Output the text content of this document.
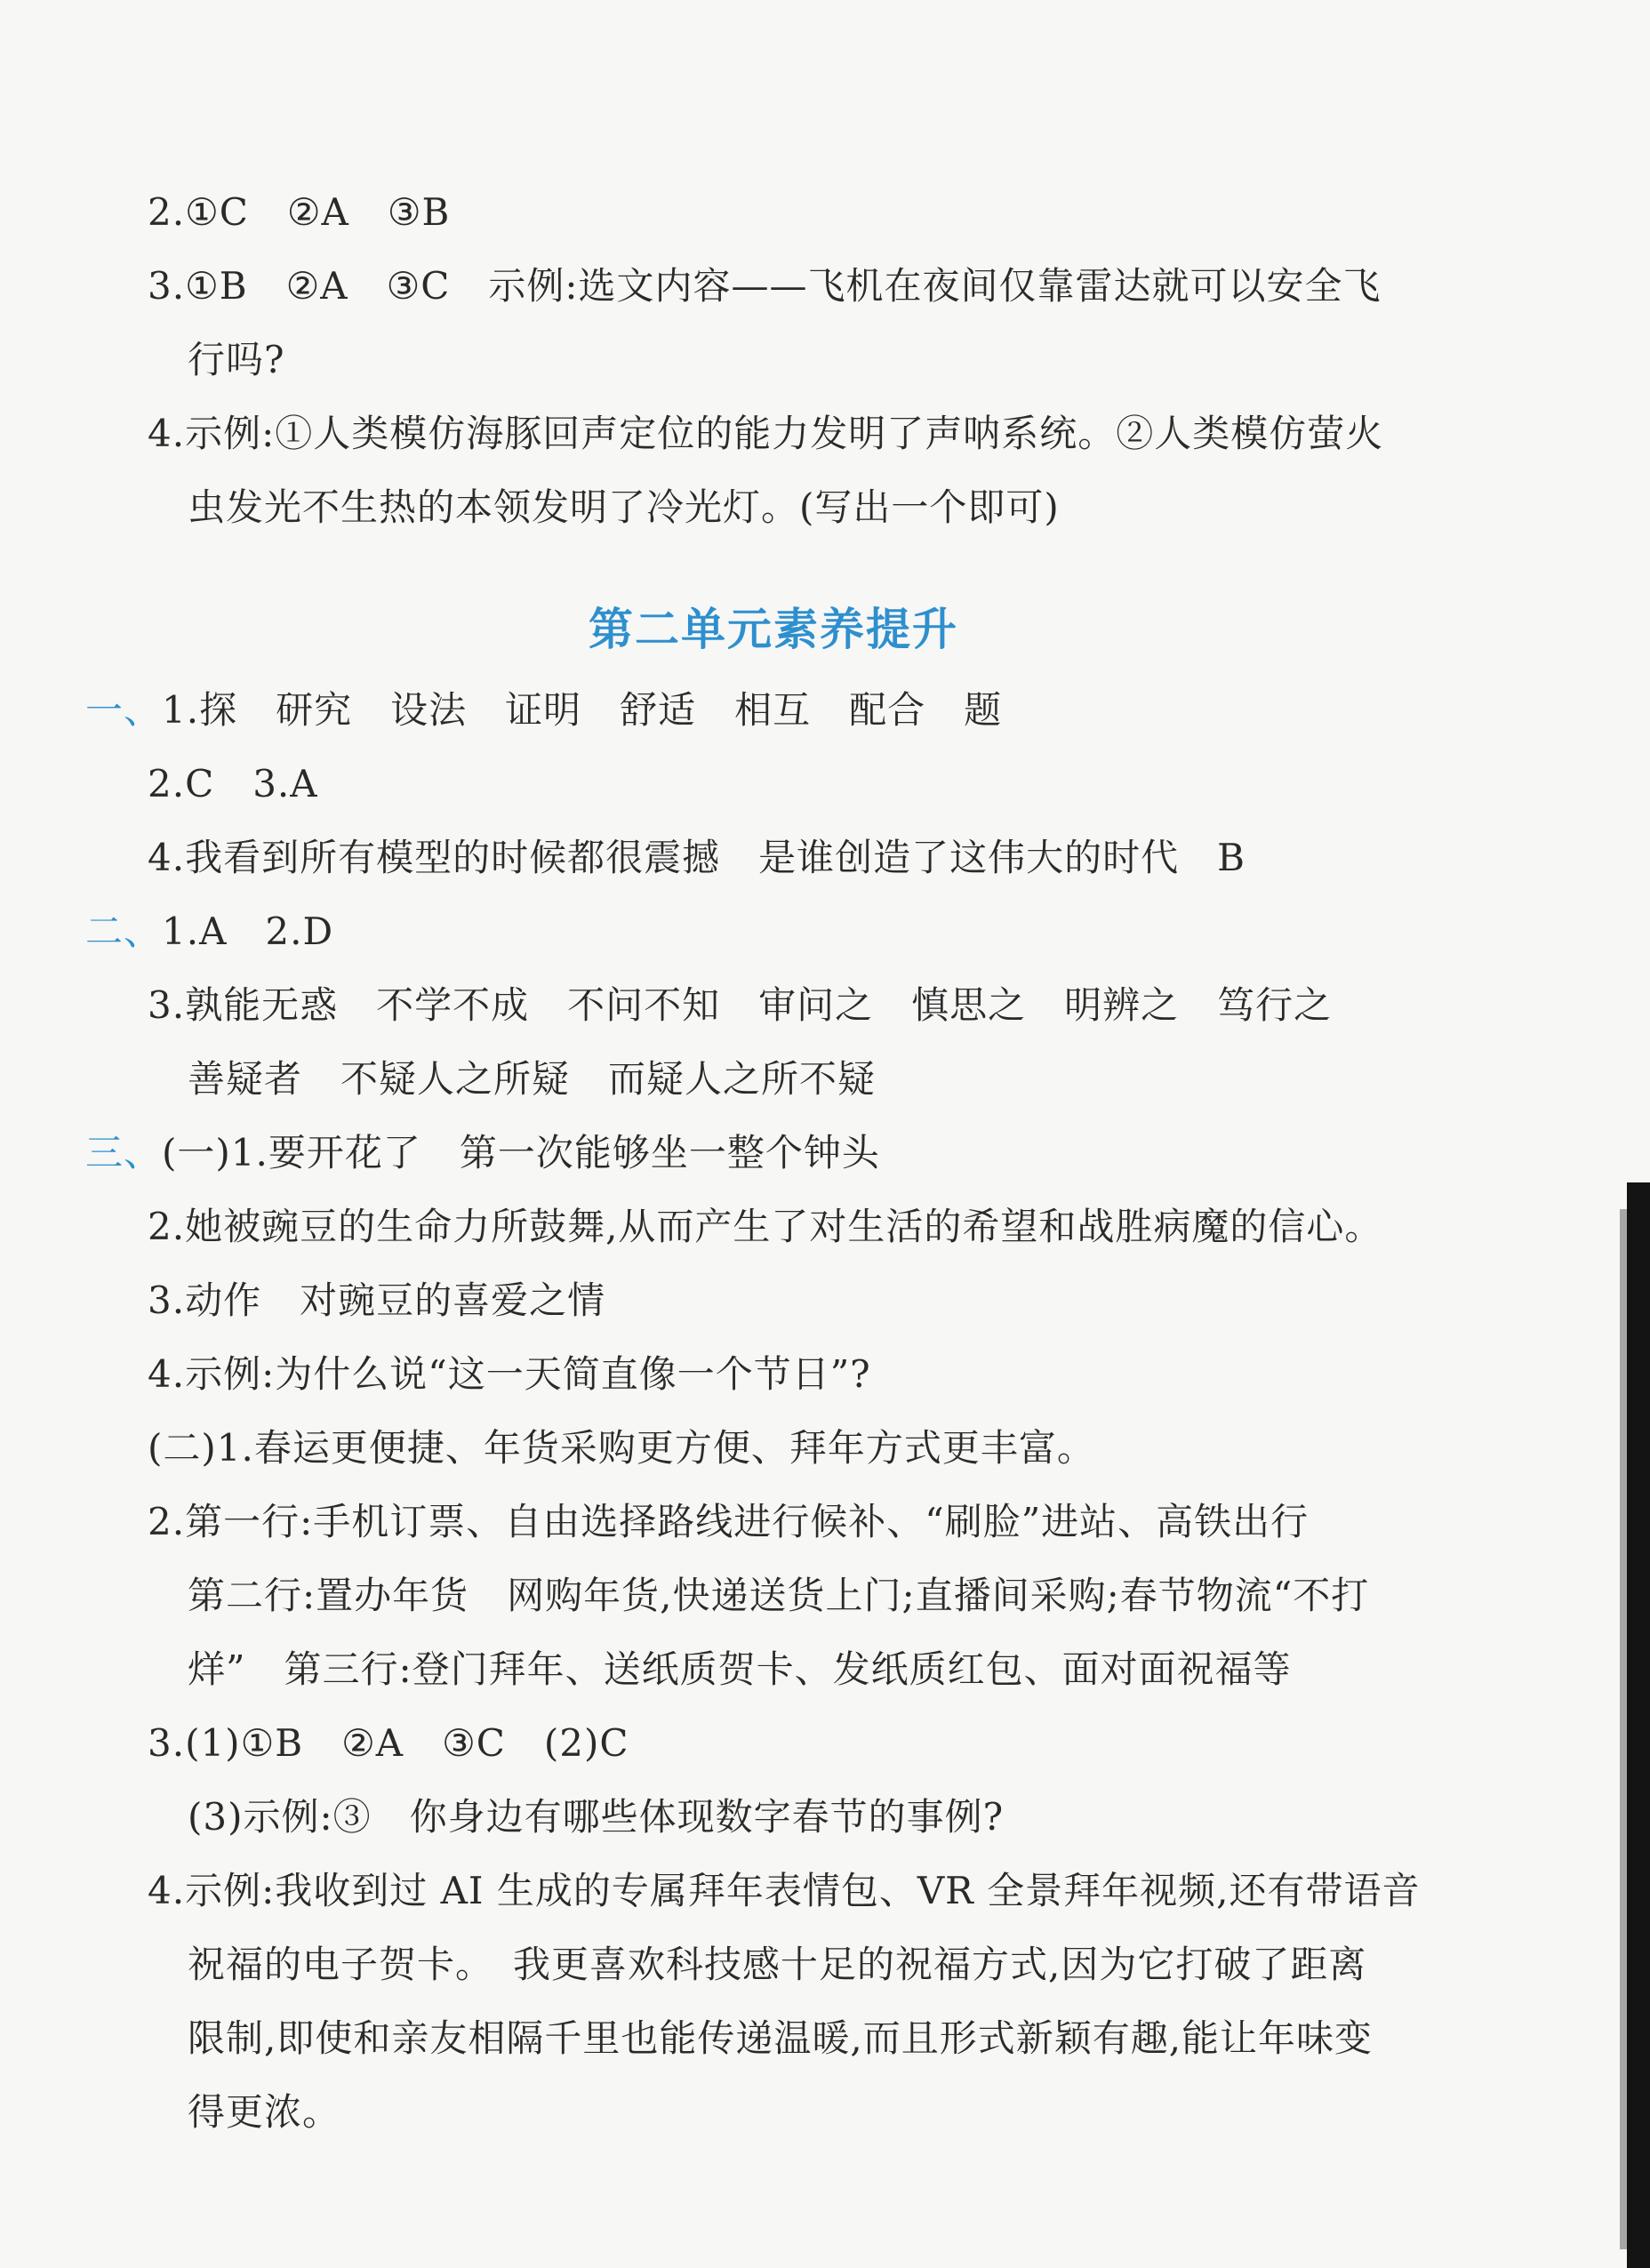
2.①C　②A　③B
3.①B　②A　③C　示例:选文内容——飞机在夜间仅靠雷达就可以安全飞
行吗?
4.示例:①人类模仿海豚回声定位的能力发明了声呐系统。②人类模仿萤火
虫发光不生热的本领发明了冷光灯。(写出一个即可)
第二单元素养提升
一、1.探　研究　设法　证明　舒适　相互　配合　题
2.C　3.A
4.我看到所有模型的时候都很震撼　是谁创造了这伟大的时代　B
二、1.A　2.D
3.孰能无惑　不学不成　不问不知　审问之　慎思之　明辨之　笃行之
善疑者　不疑人之所疑　而疑人之所不疑
三、(一)1.要开花了　第一次能够坐一整个钟头
2.她被豌豆的生命力所鼓舞,从而产生了对生活的希望和战胜病魔的信心。
3.动作　对豌豆的喜爱之情
4.示例:为什么说“这一天简直像一个节日”?
(二)1.春运更便捷、年货采购更方便、拜年方式更丰富。
2.第一行:手机订票、自由选择路线进行候补、“刷脸”进站、高铁出行
第二行:置办年货　网购年货,快递送货上门;直播间采购;春节物流“不打
烊”　第三行:登门拜年、送纸质贺卡、发纸质红包、面对面祝福等
3.(1)①B　②A　③C　(2)C
(3)示例:③　你身边有哪些体现数字春节的事例?
4.示例:我收到过 AI 生成的专属拜年表情包、VR 全景拜年视频,还有带语音
祝福的电子贺卡。　我更喜欢科技感十足的祝福方式,因为它打破了距离
限制,即使和亲友相隔千里也能传递温暖,而且形式新颖有趣,能让年味变
得更浓。
